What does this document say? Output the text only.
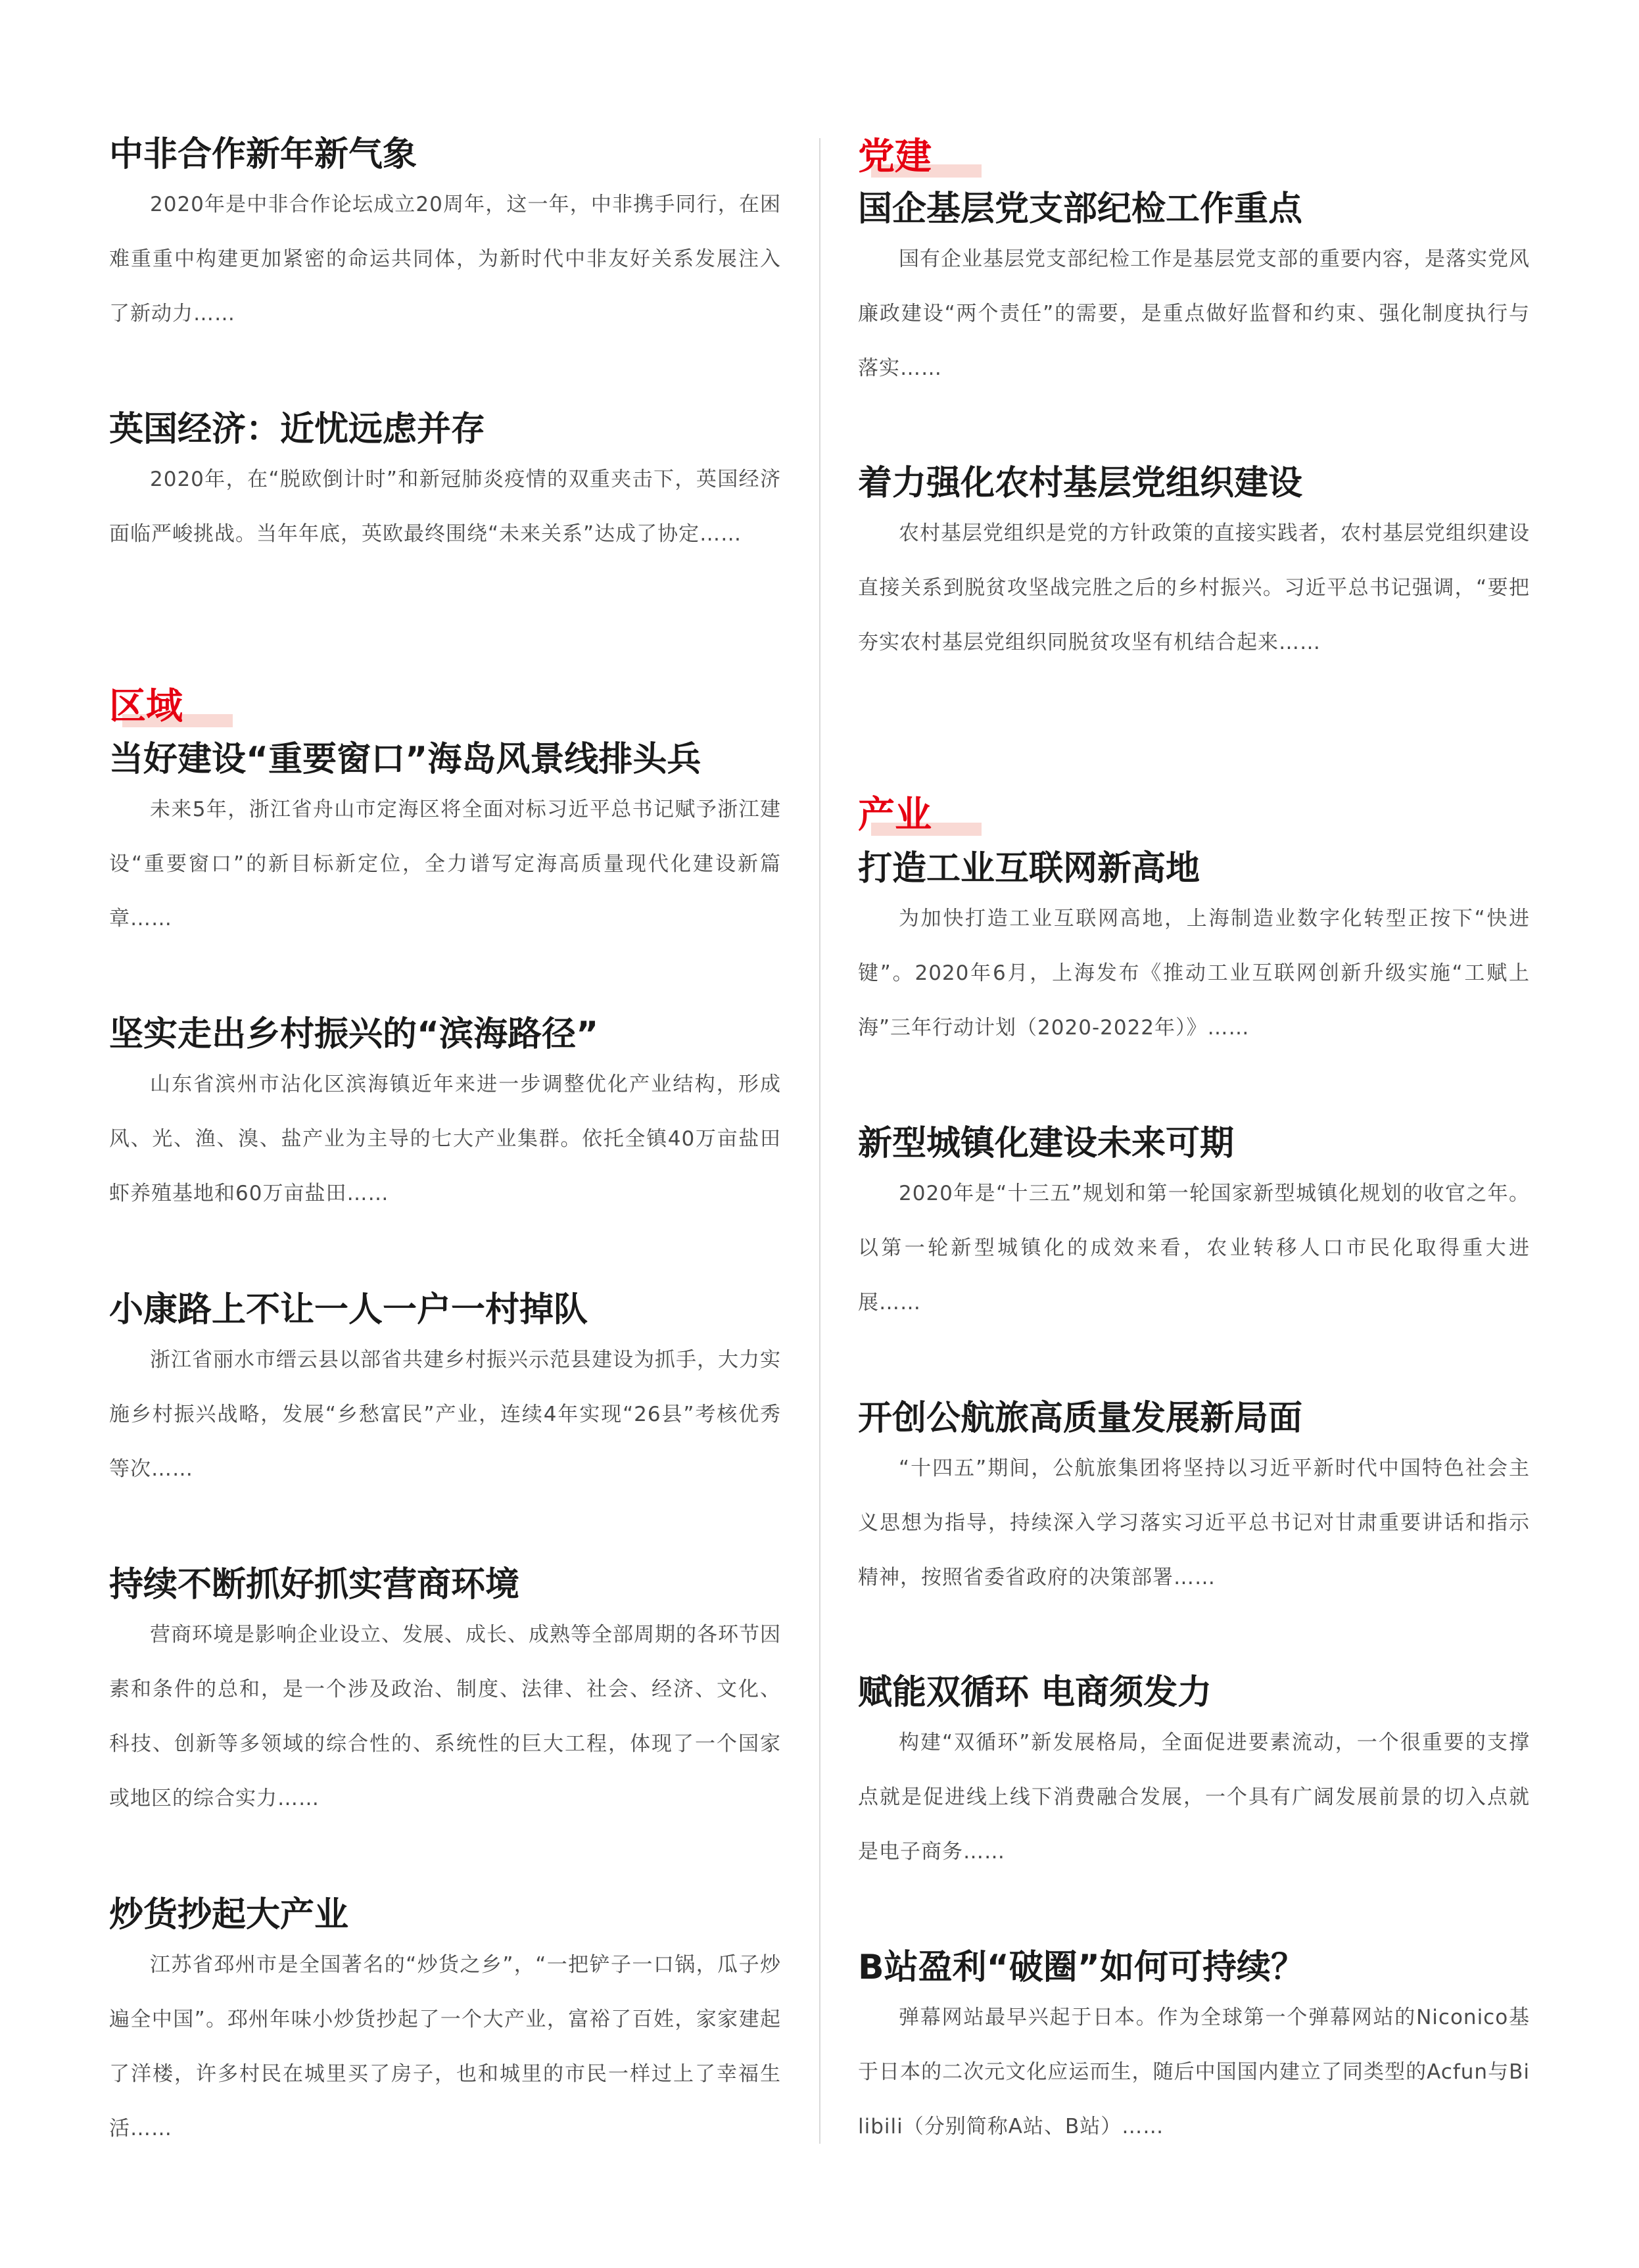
中非合作新年新气象

2020年是中非合作论坛成立20周年，这一年，中非携手同行，在困难重重中构建更加紧密的命运共同体，为新时代中非友好关系发展注入了新动力……

英国经济：近忧远虑并存

2020年，在“脱欧倒计时”和新冠肺炎疫情的双重夹击下，英国经济面临严峻挑战。当年年底，英欧最终围绕“未来关系”达成了协定……

区域
当好建设“重要窗口”海岛风景线排头兵

未来5年，浙江省舟山市定海区将全面对标习近平总书记赋予浙江建设“重要窗口”的新目标新定位，全力谱写定海高质量现代化建设新篇章……

坚实走出乡村振兴的“滨海路径”

山东省滨州市沾化区滨海镇近年来进一步调整优化产业结构，形成风、光、渔、溴、盐产业为主导的七大产业集群。依托全镇40万亩盐田虾养殖基地和60万亩盐田……

小康路上不让一人一户一村掉队

浙江省丽水市缙云县以部省共建乡村振兴示范县建设为抓手，大力实施乡村振兴战略，发展“乡愁富民”产业，连续4年实现“26县”考核优秀等次……

持续不断抓好抓实营商环境

营商环境是影响企业设立、发展、成长、成熟等全部周期的各环节因素和条件的总和，是一个涉及政治、制度、法律、社会、经济、文化、科技、创新等多领域的综合性的、系统性的巨大工程，体现了一个国家或地区的综合实力……

炒货抄起大产业

江苏省邳州市是全国著名的“炒货之乡”，“一把铲子一口锅，瓜子炒遍全中国”。邳州年味小炒货抄起了一个大产业，富裕了百姓，家家建起了洋楼，许多村民在城里买了房子，也和城里的市民一样过上了幸福生活……

党建
国企基层党支部纪检工作重点

国有企业基层党支部纪检工作是基层党支部的重要内容，是落实党风廉政建设“两个责任”的需要，是重点做好监督和约束、强化制度执行与落实……

着力强化农村基层党组织建设

农村基层党组织是党的方针政策的直接实践者，农村基层党组织建设直接关系到脱贫攻坚战完胜之后的乡村振兴。习近平总书记强调，“要把夯实农村基层党组织同脱贫攻坚有机结合起来……

产业
打造工业互联网新高地

为加快打造工业互联网高地，上海制造业数字化转型正按下“快进键”。2020年6月，上海发布《推动工业互联网创新升级实施“工赋上海”三年行动计划（2020-2022年）》……

新型城镇化建设未来可期

2020年是“十三五”规划和第一轮国家新型城镇化规划的收官之年。以第一轮新型城镇化的成效来看，农业转移人口市民化取得重大进展……

开创公航旅高质量发展新局面

“十四五”期间，公航旅集团将坚持以习近平新时代中国特色社会主义思想为指导，持续深入学习落实习近平总书记对甘肃重要讲话和指示精神，按照省委省政府的决策部署……

赋能双循环 电商须发力

构建“双循环”新发展格局，全面促进要素流动，一个很重要的支撑点就是促进线上线下消费融合发展，一个具有广阔发展前景的切入点就是电子商务……

B站盈利“破圈”如何可持续？

弹幕网站最早兴起于日本。作为全球第一个弹幕网站的Niconico基于日本的二次元文化应运而生，随后中国国内建立了同类型的Acfun与Bilibili（分别简称A站、B站）……
